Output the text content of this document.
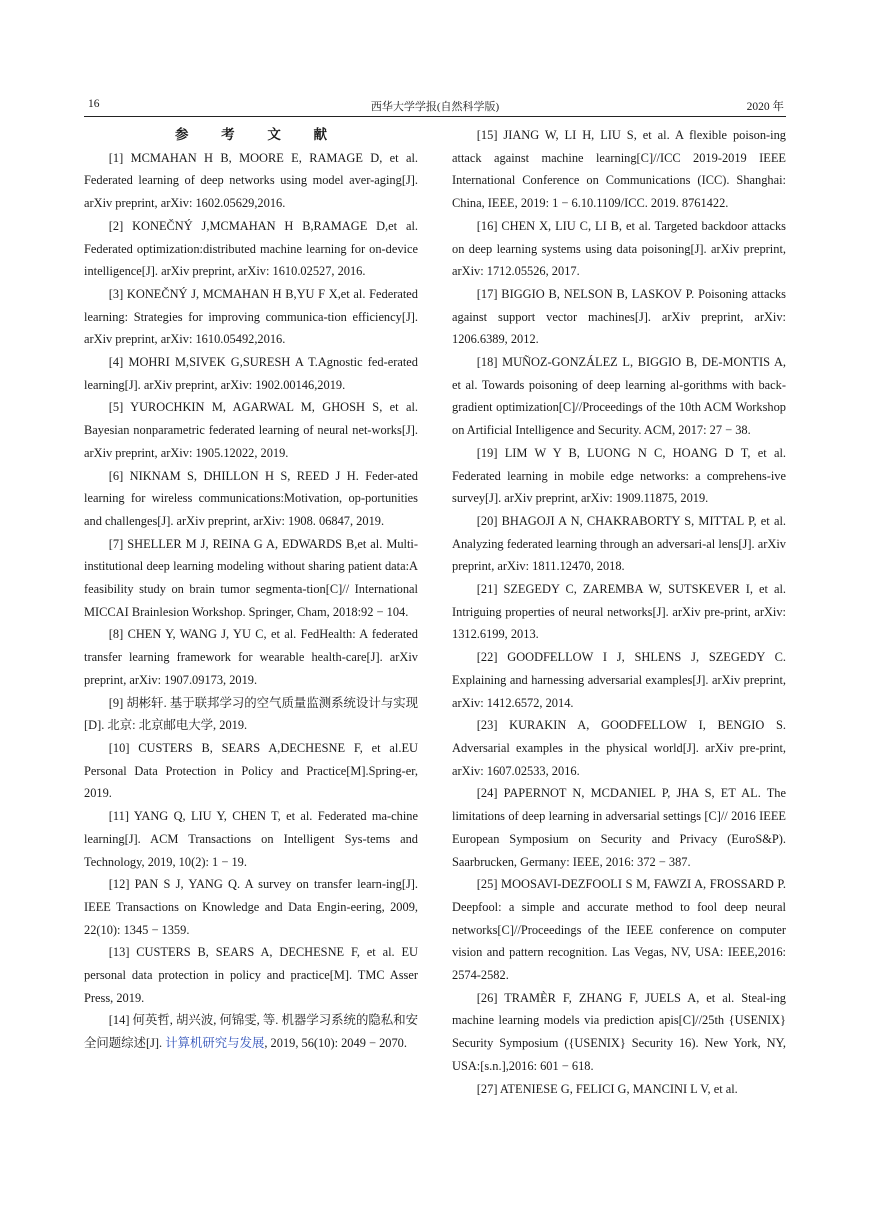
16	西华大学学报(自然科学版)	2020 年

参 考 文 献

[1] MCMAHAN H B, MOORE E, RAMAGE D, et al. Federated learning of deep networks using model aver-aging[J]. arXiv preprint, arXiv: 1602.05629,2016.

[2] KONEČNÝ J,MCMAHAN H B,RAMAGE D,et al. Federated optimization:distributed machine learning for on-device intelligence[J]. arXiv preprint, arXiv: 1610.02527, 2016.

[3] KONEČNÝ J, MCMAHAN H B,YU F X,et al. Federated learning: Strategies for improving communica-tion efficiency[J]. arXiv preprint, arXiv: 1610.05492,2016.

[4] MOHRI M,SIVEK G,SURESH A T.Agnostic fed-erated learning[J]. arXiv preprint, arXiv: 1902.00146,2019.

[5] YUROCHKIN M, AGARWAL M, GHOSH S, et al. Bayesian nonparametric federated learning of neural net-works[J]. arXiv preprint, arXiv: 1905.12022, 2019.

[6] NIKNAM S, DHILLON H S, REED J H. Feder-ated learning for wireless communications:Motivation, op-portunities and challenges[J]. arXiv preprint, arXiv: 1908. 06847, 2019.

[7] SHELLER M J, REINA G A, EDWARDS B,et al. Multi-institutional deep learning modeling without sharing patient data:A feasibility study on brain tumor segmenta-tion[C]// International MICCAI Brainlesion Workshop. Springer, Cham, 2018:92 − 104.

[8] CHEN Y, WANG J, YU C, et al. FedHealth: A federated transfer learning framework for wearable health-care[J]. arXiv preprint, arXiv: 1907.09173, 2019.

[9] 胡彬轩. 基于联邦学习的空气质量监测系统设计与实现 [D]. 北京: 北京邮电大学, 2019.

[10] CUSTERS B, SEARS A,DECHESNE F, et al.EU Personal Data Protection in Policy and Practice[M].Spring-er, 2019.

[11] YANG Q, LIU Y, CHEN T, et al. Federated ma-chine learning[J]. ACM Transactions on Intelligent Sys-tems and Technology, 2019, 10(2): 1 − 19.

[12] PAN S J, YANG Q. A survey on transfer learn-ing[J]. IEEE Transactions on Knowledge and Data Engin-eering, 2009, 22(10): 1345 − 1359.

[13] CUSTERS B, SEARS A, DECHESNE F, et al. EU personal data protection in policy and practice[M]. TMC Asser Press, 2019.

[14] 何英哲, 胡兴波, 何锦雯, 等. 机器学习系统的隐私和安全问题综述[J]. 计算机研究与发展, 2019, 56(10): 2049 − 2070.

[15] JIANG W, LI H, LIU S, et al. A flexible poison-ing attack against machine learning[C]//ICC 2019-2019 IEEE International Conference on Communications (ICC). Shanghai: China, IEEE, 2019: 1 − 6.10.1109/ICC. 2019. 8761422.

[16] CHEN X, LIU C, LI B, et al. Targeted backdoor attacks on deep learning systems using data poisoning[J]. arXiv preprint, arXiv: 1712.05526, 2017.

[17] BIGGIO B, NELSON B, LASKOV P. Poisoning attacks against support vector machines[J]. arXiv preprint, arXiv: 1206.6389, 2012.

[18] MUÑOZ-GONZÁLEZ L, BIGGIO B, DE-MONTIS A, et al. Towards poisoning of deep learning al-gorithms with back-gradient optimization[C]//Proceedings of the 10th ACM Workshop on Artificial Intelligence and Security. ACM, 2017: 27 − 38.

[19] LIM W Y B, LUONG N C, HOANG D T, et al. Federated learning in mobile edge networks: a comprehens-ive survey[J]. arXiv preprint, arXiv: 1909.11875, 2019.

[20] BHAGOJI A N, CHAKRABORTY S, MITTAL P, et al. Analyzing federated learning through an adversari-al lens[J]. arXiv preprint, arXiv: 1811.12470, 2018.

[21] SZEGEDY C, ZAREMBA W, SUTSKEVER I, et al. Intriguing properties of neural networks[J]. arXiv pre-print, arXiv: 1312.6199, 2013.

[22] GOODFELLOW I J, SHLENS J, SZEGEDY C. Explaining and harnessing adversarial examples[J]. arXiv preprint, arXiv: 1412.6572, 2014.

[23] KURAKIN A, GOODFELLOW I, BENGIO S. Adversarial examples in the physical world[J]. arXiv pre-print, arXiv: 1607.02533, 2016.

[24] PAPERNOT N, MCDANIEL P, JHA S, ET AL. The limitations of deep learning in adversarial settings [C]// 2016 IEEE European Symposium on Security and Privacy (EuroS&P). Saarbrucken, Germany: IEEE, 2016: 372 − 387.

[25] MOOSAVI-DEZFOOLI S M, FAWZI A, FROSSARD P. Deepfool: a simple and accurate method to fool deep neural networks[C]//Proceedings of the IEEE conference on computer vision and pattern recognition. Las Vegas, NV, USA: IEEE,2016: 2574-2582.

[26] TRAMÈR F, ZHANG F, JUELS A, et al. Steal-ing machine learning models via prediction apis[C]//25th {USENIX} Security Symposium ({USENIX} Security 16). New York, NY, USA:[s.n.],2016: 601 − 618.

[27] ATENIESE G, FELICI G, MANCINI L V, et al.
